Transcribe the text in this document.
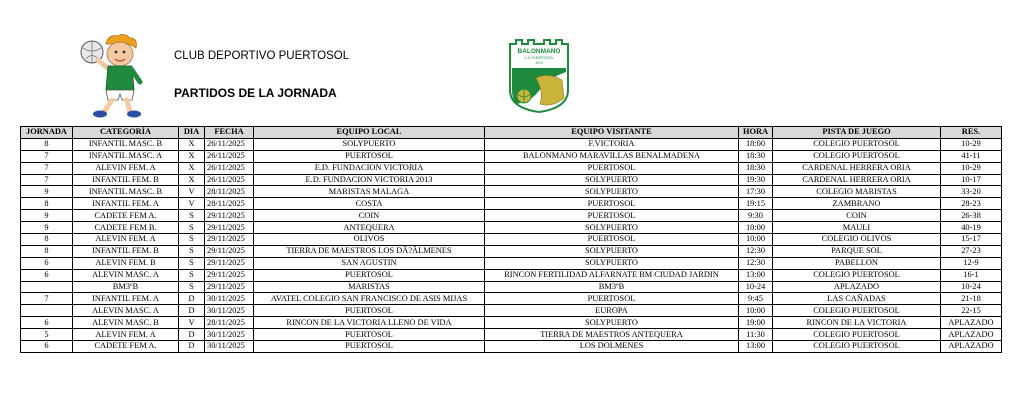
CLUB DEPORTIVO PUERTOSOL
PARTIDOS DE LA JORNADA
BALONMANO
C.D.PUERTOSOL
1974
JORNADA	CATEGORÍA	DIA	FECHA	EQUIPO LOCAL	EQUIPO VISITANTE	HORA	PISTA DE JUEGO	RES.
8	INFANTIL MASC. B	X	26/11/2025	SOLYPUERTO	F.VICTORIA	18:00	COLEGIO PUERTOSOL	10-29
7	INFANTIL MASC. A	X	26/11/2025	PUERTOSOL	BALONMANO MARAVILLAS BENALMADENA	18:30	COLEGIO PUERTOSOL	41-11
7	ALEVIN FEM. A	X	26/11/2025	E.D. FUNDACION VICTORIA	PUERTOSOL	18:30	CARDENAL HERRERA ORIA	10-29
7	INFANTIL FEM. B	X	26/11/2025	E.D. FUNDACION VICTORIA 2013	SOLYPUERTO	19:30	CARDENAL HERRERA ORIA	10-17
9	INFANTIL MASC. B	V	28/11/2025	MARISTAS MALAGA	SOLYPUERTO	17:30	COLEGIO MARISTAS	33-20
8	INFANTIL FEM. A	V	28/11/2025	COSTA	PUERTOSOL	19:15	ZAMBRANO	28-23
9	CADETE FEM A.	S	29/11/2025	COIN	PUERTOSOL	9:30	COIN	26-38
9	CADETE FEM B.	S	29/11/2025	ANTEQUERA	SOLYPUERTO	10:00	MAULI	40-19
8	ALEVIN FEM. A	S	29/11/2025	OLIVOS	PUERTOSOL	10:00	COLEGIO OLIVOS	15-17
8	INFANTIL FEM. B	S	29/11/2025	TIERRA DE MAESTROS LOS DÃ?ÃLMENES	SOLYPUERTO	12:30	PARQUE SOL	27-23
6	ALEVIN FEM. B	S	29/11/2025	SAN AGUSTIN	SOLYPUERTO	12:30	PABELLON	12-9
6	ALEVIN MASC. A	S	29/11/2025	PUERTOSOL	RINCON FERTILIDAD ALFARNATE BM CIUDAD JARDIN	13:00	COLEGIO PUERTOSOL	16-1
	BM3ºB	S	29/11/2025	MARISTAS	BM3ºB	10-24	APLAZADO	10-24
7	INFANTIL FEM. A	D	30/11/2025	AVATEL COLEGIO SAN FRANCISCO DE ASIS MIJAS	PUERTOSOL	9:45	LAS CAÑADAS	21-18
	ALEVIN MASC. A	D	30/11/2025	PUERTOSOL	EUROPA	10:00	COLEGIO PUERTOSOL	22-15
6	ALEVIN MASC. B	V	28/11/2025	RINCON DE LA VICTORIA LLENO DE VIDA	SOLYPUERTO	19:00	RINCON DE LA VICTORIA	APLAZADO
5	ALEVIN FEM. A	D	30/11/2025	PUERTOSOL	TIERRA DE MAESTROS ANTEQUERA	11:30	COLEGIO PUERTOSOL	APLAZADO
6	CADETE FEM A.	D	30/11/2025	PUERTOSOL	LOS DOLMENES	13:00	COLEGIO PUERTOSOL	APLAZADO
